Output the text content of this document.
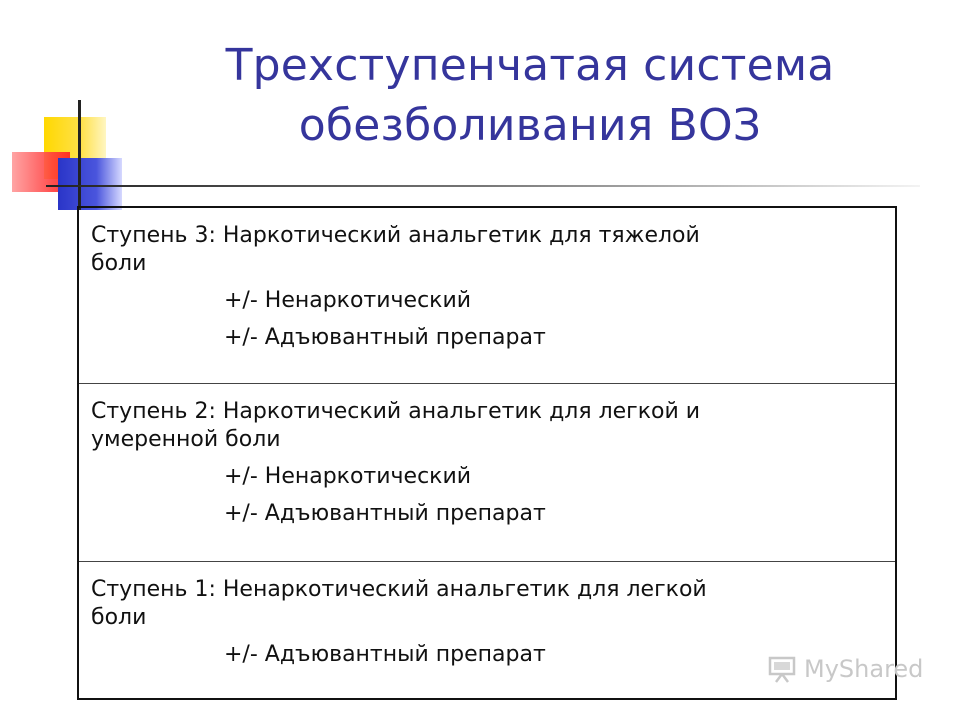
Трехступенчатая система
обезболивания ВОЗ
Ступень 3: Наркотический анальгетик для тяжелой
боли
+/- Ненаркотический
+/- Адъювантный препарат
Ступень 2: Наркотический анальгетик для легкой и
умеренной боли
+/- Ненаркотический
+/- Адъювантный препарат
Ступень 1: Ненаркотический анальгетик для легкой
боли
+/- Адъювантный препарат
MyShared
